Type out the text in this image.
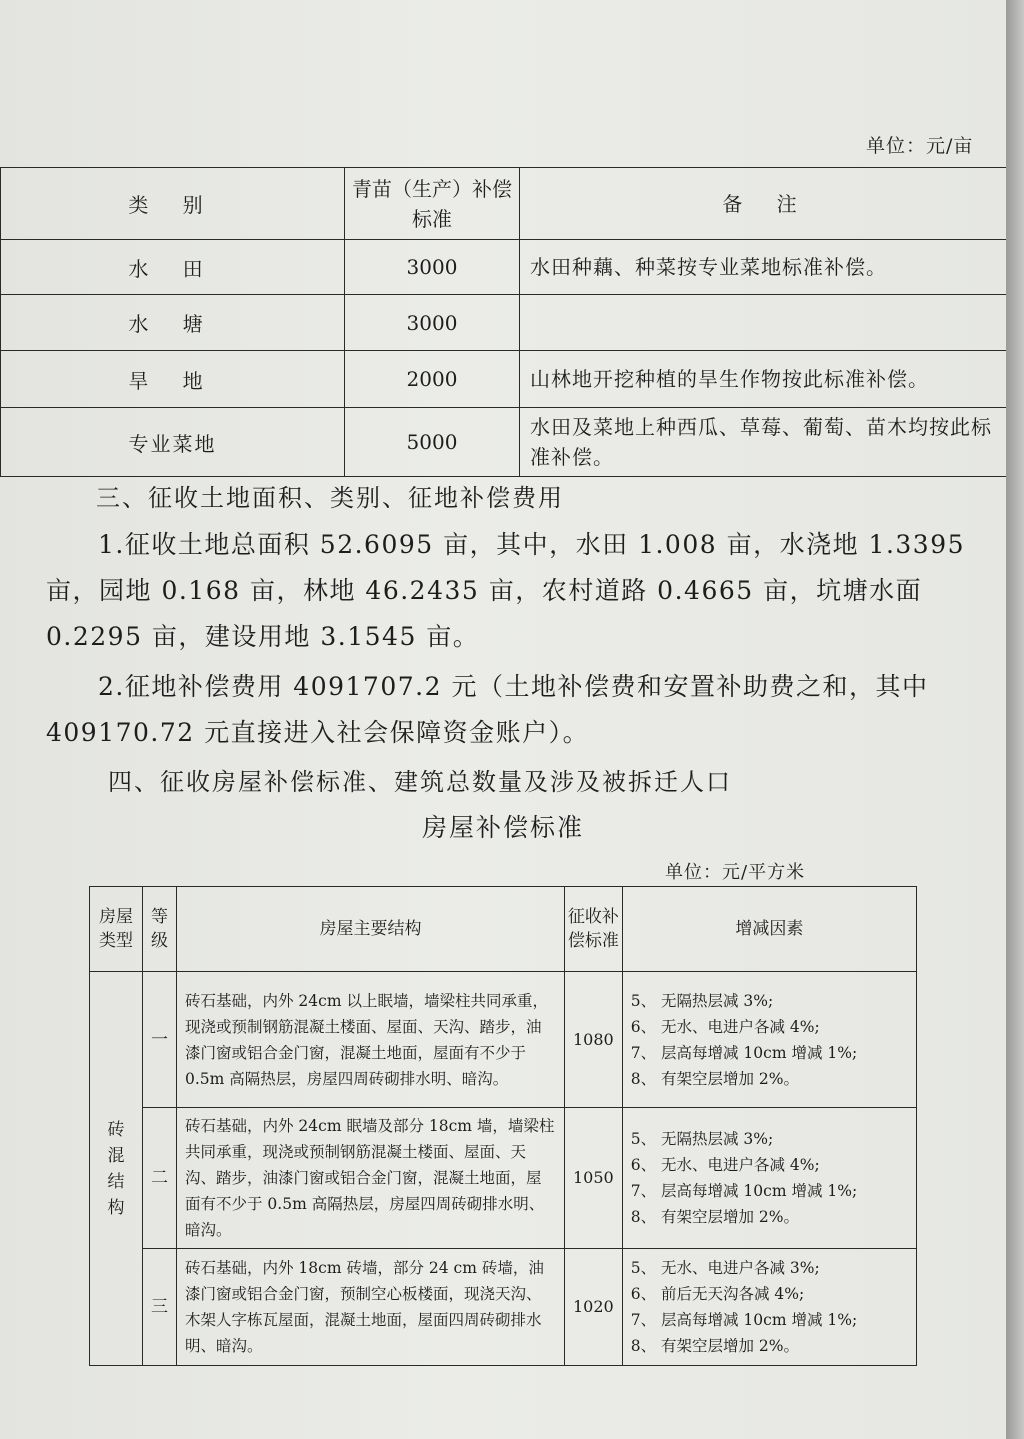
单位：元/亩
类 别	青苗（生产）补偿标准	备 注
水 田	3000	水田种藕、种菜按专业菜地标准补偿。
水 塘	3000	
旱 地	2000	山林地开挖种植的旱生作物按此标准补偿。
专业菜地	5000	水田及菜地上种西瓜、草莓、葡萄、苗木均按此标准补偿。
三、征收土地面积、类别、征地补偿费用

1.征收土地总面积 52.6095 亩，其中，水田 1.008 亩，水浇地 1.3395 亩，园地 0.168 亩，林地 46.2435 亩，农村道路 0.4665 亩，坑塘水面 0.2295 亩，建设用地 3.1545 亩。

2.征地补偿费用 4091707.2 元（土地补偿费和安置补助费之和，其中 409170.72 元直接进入社会保障资金账户）。

四、征收房屋补偿标准、建筑总数量及涉及被拆迁人口
房屋补偿标准
单位：元/平方米
房屋类型	等级	房屋主要结构	征收补偿标准	增减因素
砖混结构	一	砖石基础，内外 24cm 以上眠墙，墙梁柱共同承重，现浇或预制钢筋混凝土楼面、屋面、天沟、踏步，油漆门窗或铝合金门窗，混凝土地面，屋面有不少于 0.5m 高隔热层，房屋四周砖砌排水明、暗沟。	1080	5、 无隔热层减 3%;
6、 无水、电进户各减 4%;
7、 层高每增减 10cm 增减 1%;
8、 有架空层增加 2%。
	二	砖石基础，内外 24cm 眠墙及部分 18cm 墙，墙梁柱共同承重，现浇或预制钢筋混凝土楼面、屋面、天沟、踏步，油漆门窗或铝合金门窗，混凝土地面，屋面有不少于 0.5m 高隔热层，房屋四周砖砌排水明、暗沟。	1050	5、 无隔热层减 3%;
6、 无水、电进户各减 4%;
7、 层高每增减 10cm 增减 1%;
8、 有架空层增加 2%。
	三	砖石基础，内外 18cm 砖墙，部分 24 cm 砖墙，油漆门窗或铝合金门窗，预制空心板楼面，现浇天沟、木架人字栋瓦屋面，混凝土地面，屋面四周砖砌排水明、暗沟。	1020	5、 无水、电进户各减 3%;
6、 前后无天沟各减 4%;
7、 层高每增减 10cm 增减 1%;
8、 有架空层增加 2%。
